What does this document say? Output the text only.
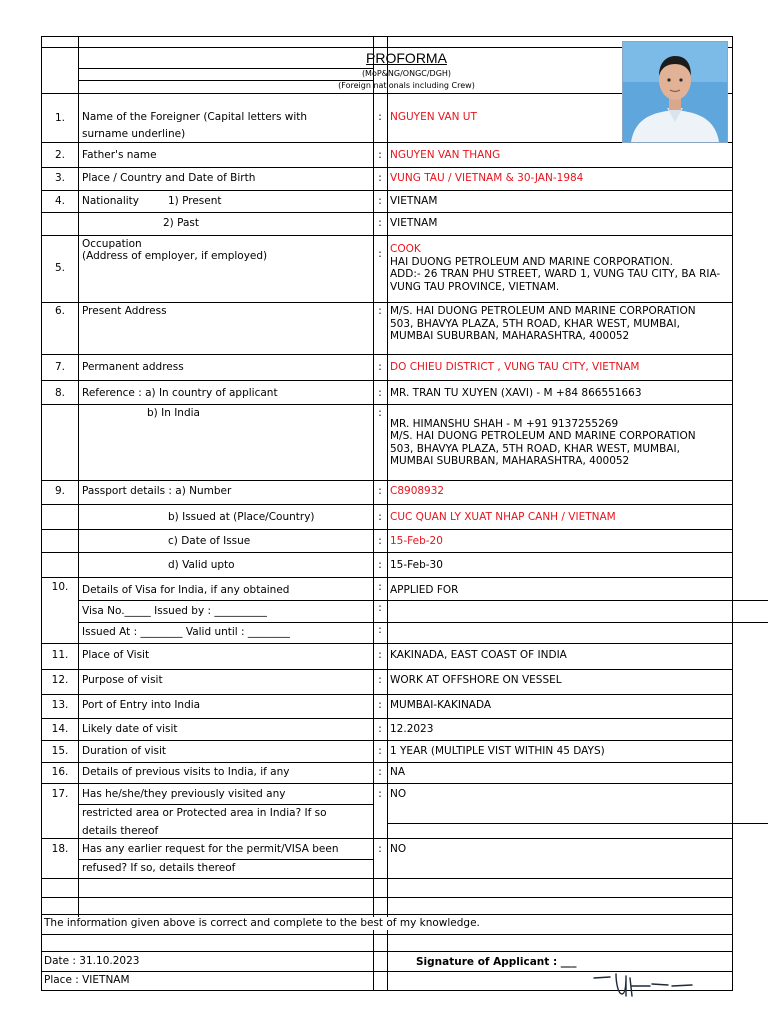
PROFORMA
(MoP&NG/ONGC/DGH)
(Foreign nationals including Crew)
1.	Name of the Foreigner (Capital letters with
surname underline)
: NGUYEN VAN UT
2.	Father's name	: NGUYEN VAN THANG
3.	Place / Country and Date of Birth	: VUNG TAU / VIETNAM & 30-JAN-1984
4.	Nationality	1) Present	: VIETNAM
2) Past	: VIETNAM
5.
Occupation
(Address of employer, if employed)	: COOK
HAI DUONG PETROLEUM AND MARINE CORPORATION.
ADD:- 26 TRAN PHU STREET, WARD 1, VUNG TAU CITY, BA RIA-
VUNG TAU PROVINCE, VIETNAM.
6.	Present Address	: M/S. HAI DUONG PETROLEUM AND MARINE CORPORATION
503, BHAVYA PLAZA, 5TH ROAD, KHAR WEST, MUMBAI,
MUMBAI SUBURBAN, MAHARASHTRA, 400052
7.	Permanent address	: DO CHIEU DISTRICT , VUNG TAU CITY, VIETNAM
8.	Reference : a) In country of applicant	: MR. TRAN TU XUYEN (XAVI) - M +84 866551663
b) In India	:
MR. HIMANSHU SHAH - M +91 9137255269
M/S. HAI DUONG PETROLEUM AND MARINE CORPORATION
503, BHAVYA PLAZA, 5TH ROAD, KHAR WEST, MUMBAI,
MUMBAI SUBURBAN, MAHARASHTRA, 400052
9.	Passport details : a) Number	: C8908932
b) Issued at (Place/Country)	: CUC QUAN LY XUAT NHAP CANH / VIETNAM
c) Date of Issue	: 15-Feb-20
d) Valid upto	: 15-Feb-30
10.	Details of Visa for India, if any obtained	: APPLIED FOR
Visa No._____ Issued by : __________	:
Issued At : ________ Valid until : ________	:
11.	Place of Visit	: KAKINADA, EAST COAST OF INDIA
12.	Purpose of visit	: WORK AT OFFSHORE ON VESSEL
13.	Port of Entry into India	: MUMBAI-KAKINADA
14.	Likely date of visit	: 12.2023
15.	Duration of visit	: 1 YEAR (MULTIPLE VIST WITHIN 45 DAYS)
16.	Details of previous visits to India, if any	: NA
17.	Has he/she/they previously visited any
restricted area or Protected area in India? If so
details thereof
: NO
18.	Has any earlier request for the permit/VISA been
refused? If so, details thereof
: NO
The information given above is correct and complete to the best of my knowledge.
Date : 31.10.2023
Place : VIETNAM
Signature of Applicant : ___
